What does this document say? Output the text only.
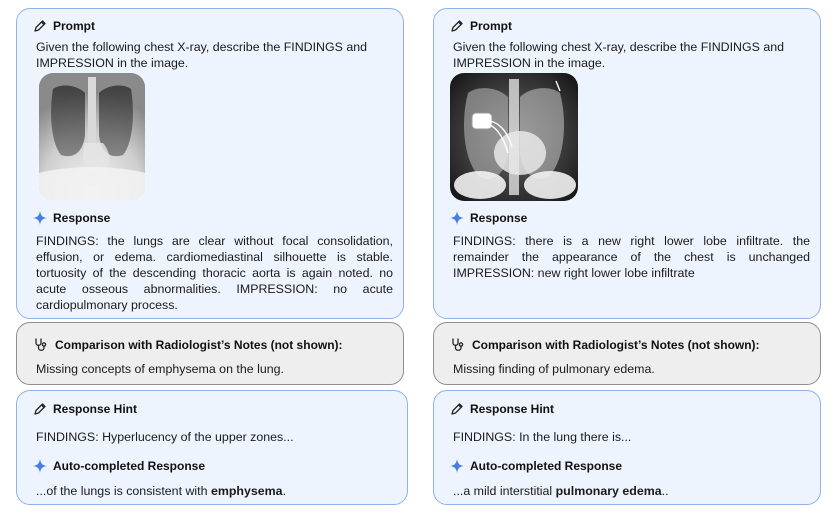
Prompt
Given the following chest X-ray, describe the FINDINGS and IMPRESSION in the image.
Response
FINDINGS: the lungs are clear without focal consolidation, effusion, or edema. cardiomediastinal silhouette is stable. tortuosity of the descending thoracic aorta is again noted. no acute osseous abnormalities. IMPRESSION: no acute cardiopulmonary process.
Comparison with Radiologist’s Notes (not shown):
Missing concepts of emphysema on the lung.
Response Hint
FINDINGS: Hyperlucency of the upper zones...
Auto-completed Response
...of the lungs is consistent with emphysema.
Prompt
Given the following chest X-ray, describe the FINDINGS and IMPRESSION in the image.
Response
FINDINGS: there is a new right lower lobe infiltrate. the remainder the appearance of the chest is unchanged IMPRESSION: new right lower lobe infiltrate
Comparison with Radiologist’s Notes (not shown):
Missing finding of pulmonary edema.
Response Hint
FINDINGS: In the lung there is...
Auto-completed Response
...a mild interstitial pulmonary edema..
